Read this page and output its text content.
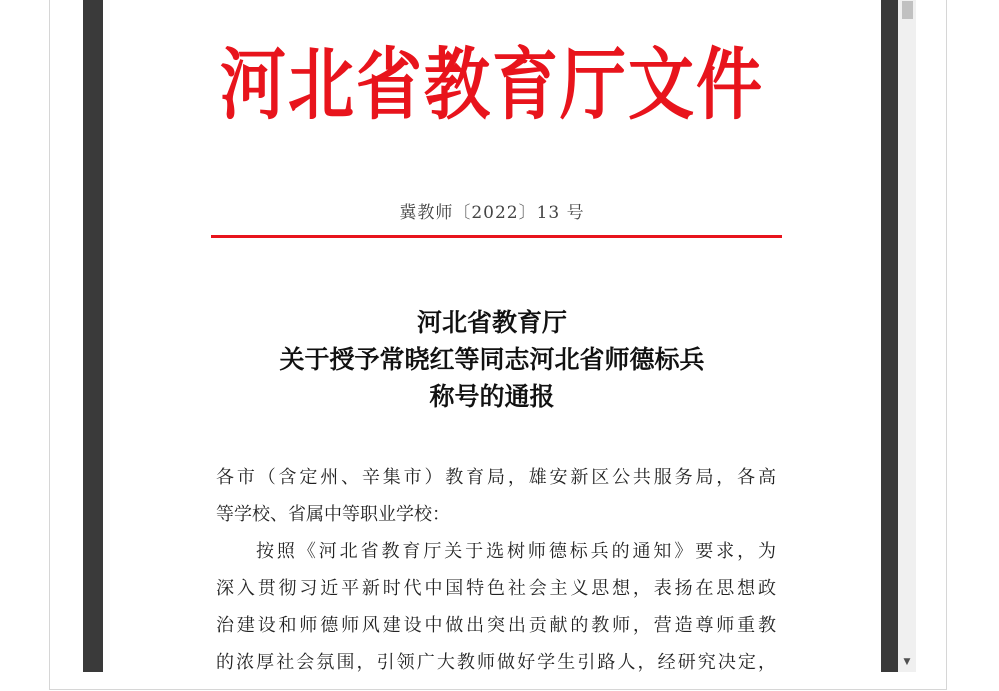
河北省教育厅文件
冀教师〔2022〕13 号
河北省教育厅
关于授予常晓红等同志河北省师德标兵
称号的通报
各市（含定州、辛集市）教育局，雄安新区公共服务局，各高
等学校、省属中等职业学校：
按照《河北省教育厅关于选树师德标兵的通知》要求，为
深入贯彻习近平新时代中国特色社会主义思想，表扬在思想政
治建设和师德师风建设中做出突出贡献的教师，营造尊师重教
的浓厚社会氛围，引领广大教师做好学生引路人，经研究决定，	▼
